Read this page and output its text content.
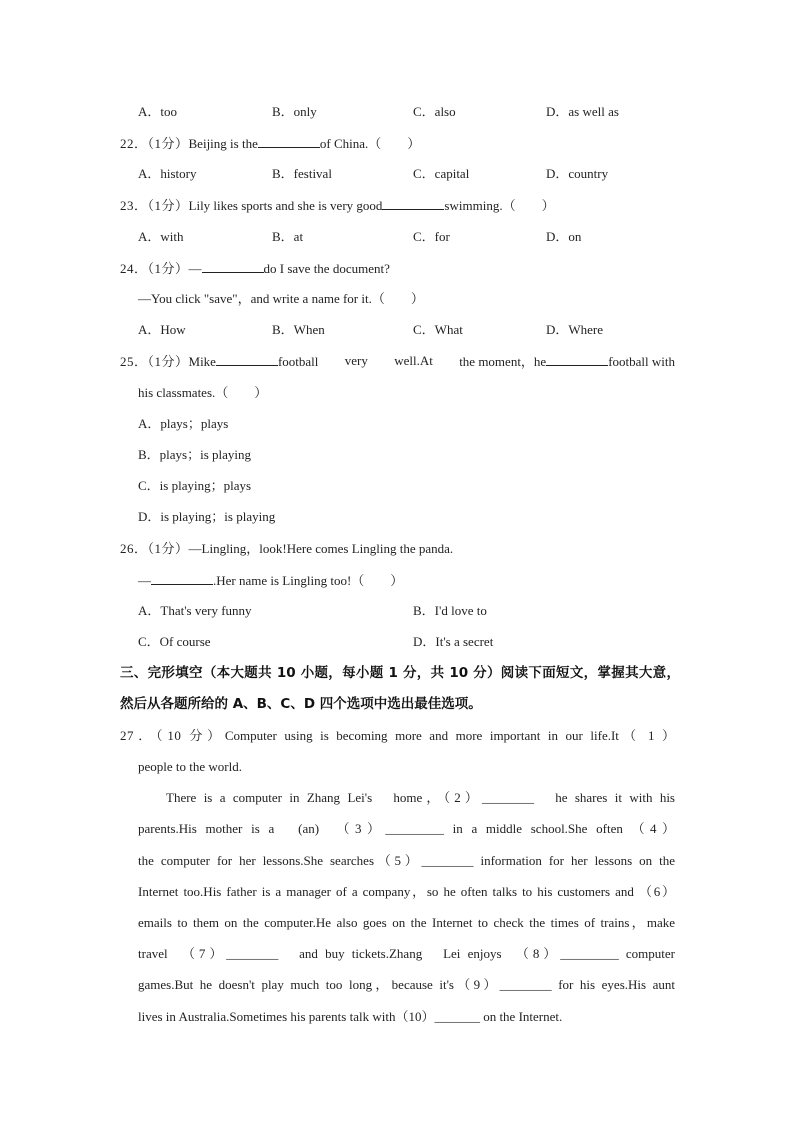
A．too	B．only	C．also	D．as well as
22．（1分）Beijing is the	of China.（　　）
A．history	B．festival	C．capital	D．country
23．（1分）Lily likes sports and she is very good	swimming.（　　）
A．with	B．at	C．for	D．on
24．（1分）—	do I save the document?
—You click "save"，and write a name for it.（　　）
A．How	B．When	C．What	D．Where
25．（1分）Mike	football very well.At the moment，he	football with
his classmates.（　　）
A．plays；plays
B．plays；is playing
C．is playing；plays
D．is playing；is playing
26．（1分）—Lingling，look!Here comes Lingling the panda.
—	.Her name is Lingling too!（　　）
A．That's very funny	B．I'd love to
C．Of course	D．It's a secret
三、完形填空（本大题共 10 小题，每小题 1 分，共 10 分）阅读下面短文，掌握其大意，
然后从各题所给的 A、B、C、D 四个选项中选出最佳选项。
27．（10 分）Computer using is becoming more and more important in our life.It（ 1 ）
people to the world.
There is a computer in Zhang Lei's　home，（2）________　he shares it with his
parents.His mother is a　(an)　（3）_________ in a middle school.She often （4）
the computer for her lessons.She searches（5）________ information for her lessons on the
Internet too.His father is a manager of a company，so he often talks to his customers and （6）
emails to them on the computer.He also goes on the Internet to check the times of trains，make
travel　（7）________　and buy tickets.Zhang　Lei enjoys　（8）_________ computer
games.But he doesn't play much too long，because it's（9）________ for his eyes.His aunt
lives in Australia.Sometimes his parents talk with（10）_______ on the Internet.
